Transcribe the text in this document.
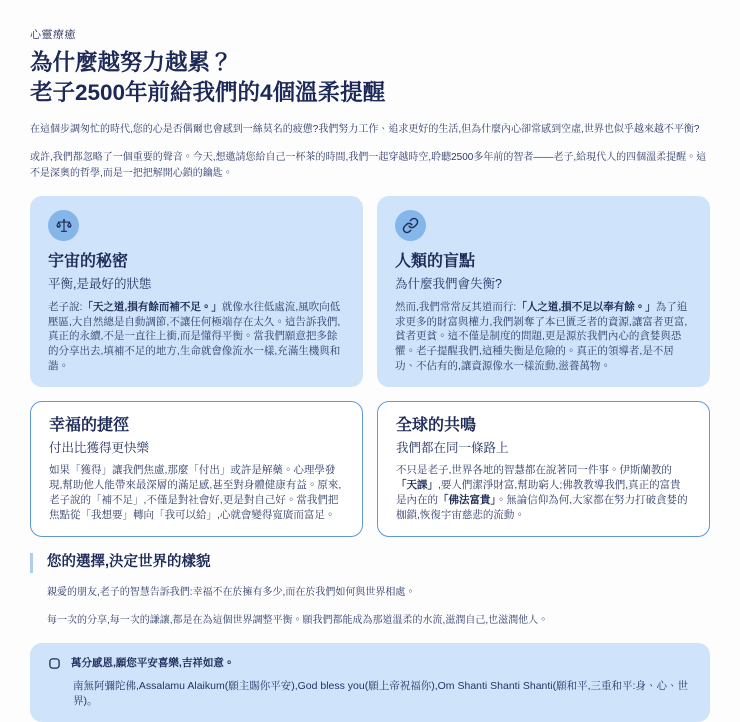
心靈療癒
為什麼越努力越累？
老子2500年前給我們的4個溫柔提醒

在這個步調匆忙的時代,您的心是否偶爾也會感到一絲莫名的疲憊?我們努力工作、追求更好的生活,但為什麼內心卻常感到空虛,世界也似乎越來越不平衡?

或許,我們都忽略了一個重要的聲音。今天,想邀請您給自己一杯茶的時間,我們一起穿越時空,聆聽2500多年前的智者——老子,給現代人的四個溫柔提醒。這不是深奧的哲學,而是一把把解開心鎖的鑰匙。

宇宙的秘密
平衡,是最好的狀態

老子說:「天之道,損有餘而補不足。」就像水往低處流,風吹向低壓區,大自然總是自動調節,不讓任何極端存在太久。這告訴我們,真正的永續,不是一直往上衝,而是懂得平衡。當我們願意把多餘的分享出去,填補不足的地方,生命就會像流水一樣,充滿生機與和諧。

人類的盲點
為什麼我們會失衡?

然而,我們常常反其道而行:「人之道,損不足以奉有餘。」為了追求更多的財富與權力,我們剝奪了本已匱乏者的資源,讓富者更富,貧者更貧。這不僅是制度的問題,更是源於我們內心的貪婪與恐懼。老子提醒我們,這種失衡是危險的。真正的領導者,是不居功、不佔有的,讓資源像水一樣流動,滋養萬物。

幸福的捷徑
付出比獲得更快樂

如果「獲得」讓我們焦慮,那麼「付出」或許是解藥。心理學發現,幫助他人能帶來最深層的滿足感,甚至對身體健康有益。原來,老子說的「補不足」,不僅是對社會好,更是對自己好。當我們把焦點從「我想要」轉向「我可以給」,心就會變得寬廣而富足。

全球的共鳴
我們都在同一條路上

不只是老子,世界各地的智慧都在說著同一件事。伊斯蘭教的「天課」,要人們潔淨財富,幫助窮人;佛教教導我們,真正的富貴是內在的「佛法富貴」。無論信仰為何,大家都在努力打破貪婪的枷鎖,恢復宇宙慈悲的流動。

您的選擇,決定世界的樣貌

親愛的朋友,老子的智慧告訴我們:幸福不在於擁有多少,而在於我們如何與世界相處。

每一次的分享,每一次的謙讓,都是在為這個世界調整平衡。願我們都能成為那道溫柔的水流,滋潤自己,也滋潤他人。

萬分感恩,願您平安喜樂,吉祥如意。
南無阿彌陀佛,Assalamu Alaikum(願主賜你平安),God bless you(願上帝祝福你),Om Shanti Shanti Shanti(願和平,三重和平:身、心、世界)。
